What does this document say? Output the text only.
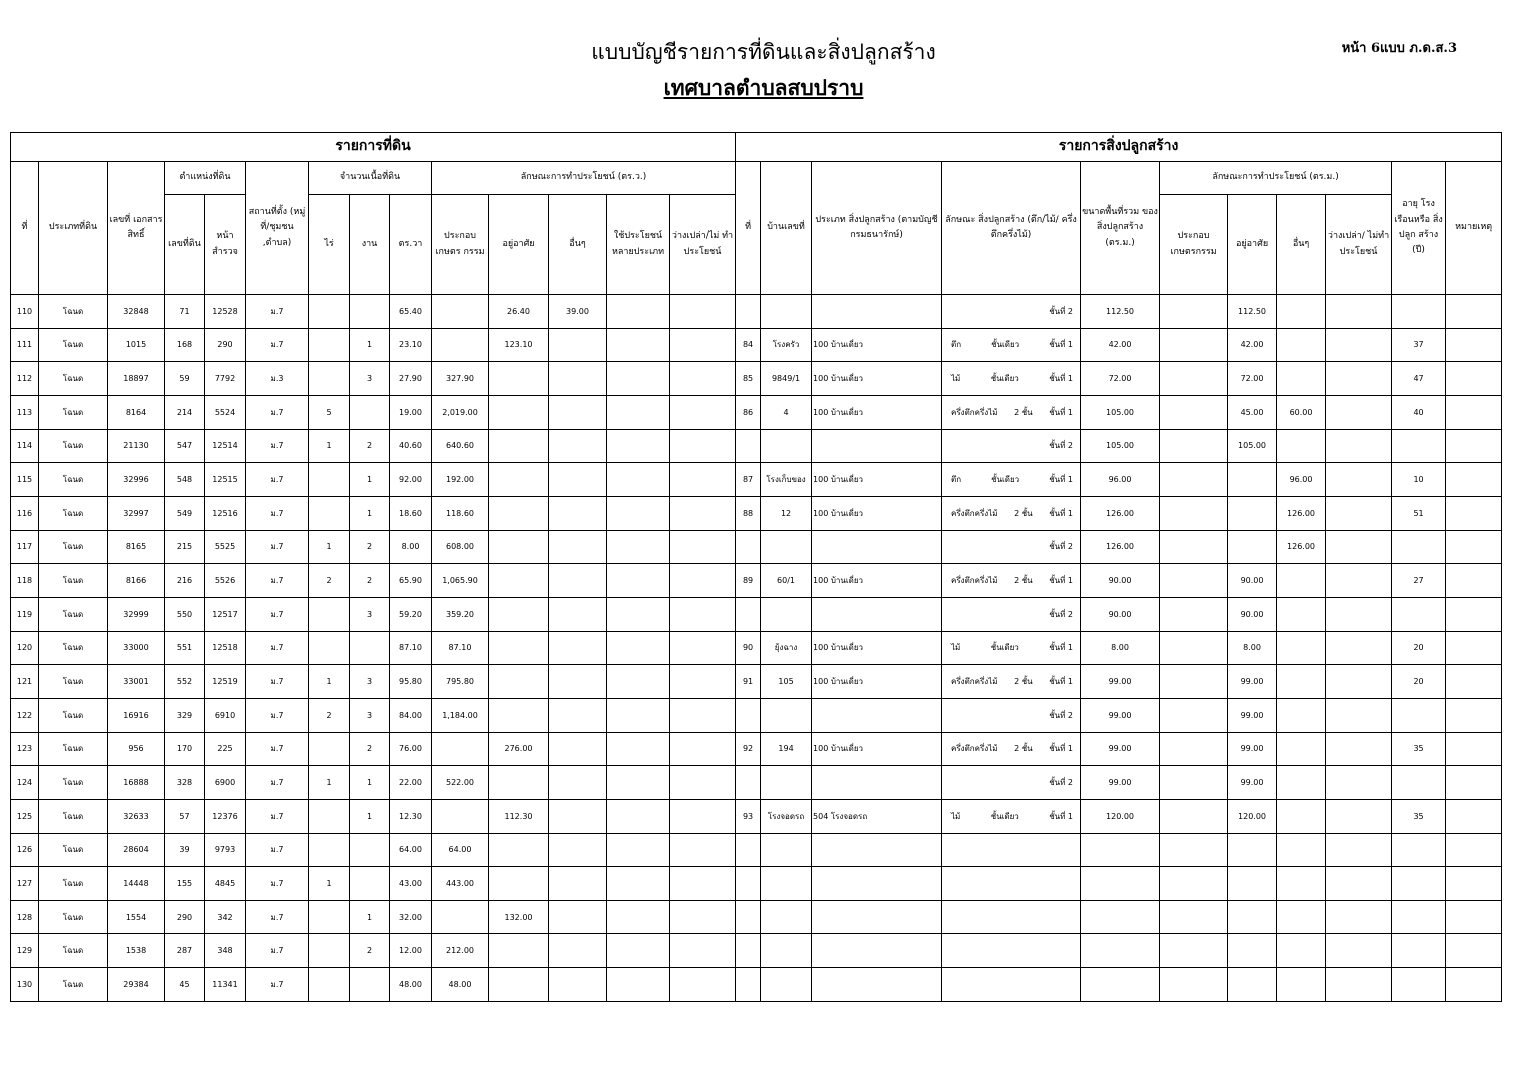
แบบบัญชีรายการที่ดินและสิ่งปลูกสร้าง
เทศบาลตำบลสบปราบ
หน้า 6แบบ ภ.ด.ส.3
รายการที่ดิน														รายการสิ่งปลูกสร้าง										
ที่	ประเภทที่ดิน	เลขที่ เอกสารสิทธิ์	ตำแหน่งที่ดิน		สถานที่ตั้ง (หมู่ที่/ชุมชน ,ตำบล)	จำนวนเนื้อที่ดิน			ลักษณะการทำประโยชน์ (ตร.ว.)					ที่	บ้านเลขที่	ประเภท สิ่งปลูกสร้าง (ตามบัญชีกรมธนารักษ์)	ลักษณะ สิ่งปลูกสร้าง (ตึก/ไม้/ ครึ่งตึกครึ่งไม้)	ขนาดพื้นที่รวม ของสิ่งปลูกสร้าง (ตร.ม.)	ลักษณะการทำประโยชน์ (ตร.ม.)				อายุ โรงเรือนหรือ สิ่งปลูก สร้าง (ปี)	หมายเหตุ
			เลขที่ดิน	หน้า สำรวจ		ไร่	งาน	ตร.วา	ประกอบ เกษตร กรรม	อยู่อาศัย	อื่นๆ	ใช้ประโยชน์ หลายประเภท	ว่างเปล่า/ไม่ ทำประโยชน์						ประกอบ เกษตรกรรม	อยู่อาศัย	อื่นๆ	ว่างเปล่า/ ไม่ทำประโยชน์		
110	โฉนด	32848	71	12528	ม.7			65.40		26.40	39.00						ชั้นที่ 2	112.50		112.50				
111	โฉนด	1015	168	290	ม.7		1	23.10		123.10				84	โรงครัว	100 บ้านเดี่ยว	ตึก ชั้นเดียว ชั้นที่ 1	42.00		42.00			37	
112	โฉนด	18897	59	7792	ม.3		3	27.90	327.90					85	9849/1	100 บ้านเดี่ยว	ไม้ ชั้นเดียว ชั้นที่ 1	72.00		72.00			47	
113	โฉนด	8164	214	5524	ม.7	5		19.00	2,019.00					86	4	100 บ้านเดี่ยว	ครึ่งตึกครึ่งไม้ 2 ชั้น ชั้นที่ 1	105.00		45.00	60.00		40	
114	โฉนด	21130	547	12514	ม.7	1	2	40.60	640.60								ชั้นที่ 2	105.00		105.00				
115	โฉนด	32996	548	12515	ม.7		1	92.00	192.00					87	โรงเก็บของ	100 บ้านเดี่ยว	ตึก ชั้นเดียว ชั้นที่ 1	96.00			96.00		10	
116	โฉนด	32997	549	12516	ม.7		1	18.60	118.60					88	12	100 บ้านเดี่ยว	ครึ่งตึกครึ่งไม้ 2 ชั้น ชั้นที่ 1	126.00			126.00		51	
117	โฉนด	8165	215	5525	ม.7	1	2	8.00	608.00								ชั้นที่ 2	126.00			126.00			
118	โฉนด	8166	216	5526	ม.7	2	2	65.90	1,065.90					89	60/1	100 บ้านเดี่ยว	ครึ่งตึกครึ่งไม้ 2 ชั้น ชั้นที่ 1	90.00		90.00			27	
119	โฉนด	32999	550	12517	ม.7		3	59.20	359.20								ชั้นที่ 2	90.00		90.00				
120	โฉนด	33000	551	12518	ม.7			87.10	87.10					90	ยุ้งฉาง	100 บ้านเดี่ยว	ไม้ ชั้นเดียว ชั้นที่ 1	8.00		8.00			20	
121	โฉนด	33001	552	12519	ม.7	1	3	95.80	795.80					91	105	100 บ้านเดี่ยว	ครึ่งตึกครึ่งไม้ 2 ชั้น ชั้นที่ 1	99.00		99.00			20	
122	โฉนด	16916	329	6910	ม.7	2	3	84.00	1,184.00								ชั้นที่ 2	99.00		99.00				
123	โฉนด	956	170	225	ม.7		2	76.00		276.00				92	194	100 บ้านเดี่ยว	ครึ่งตึกครึ่งไม้ 2 ชั้น ชั้นที่ 1	99.00		99.00			35	
124	โฉนด	16888	328	6900	ม.7	1	1	22.00	522.00								ชั้นที่ 2	99.00		99.00				
125	โฉนด	32633	57	12376	ม.7		1	12.30		112.30				93	โรงจอดรถ	504 โรงจอดรถ	ไม้ ชั้นเดียว ชั้นที่ 1	120.00		120.00			35	
126	โฉนด	28604	39	9793	ม.7			64.00	64.00								

127	โฉนด	14448	155	4845	ม.7	1		43.00	443.00								

128	โฉนด	1554	290	342	ม.7		1	32.00		132.00							

129	โฉนด	1538	287	348	ม.7		2	12.00	212.00								

130	โฉนด	29384	45	11341	ม.7			48.00	48.00								
